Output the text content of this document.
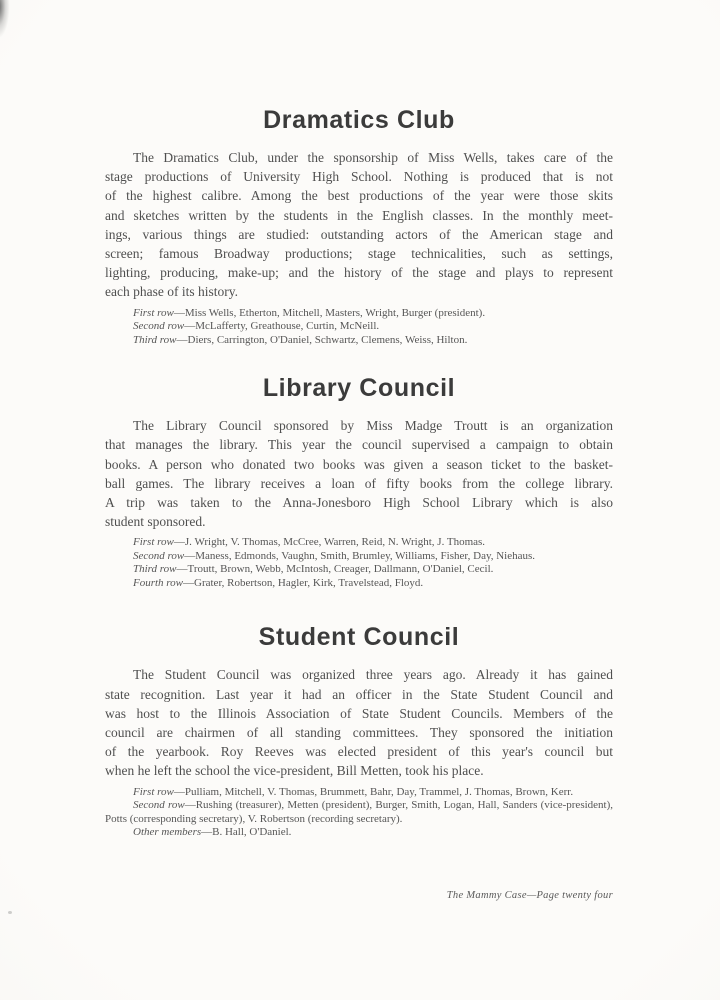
Dramatics Club
The Dramatics Club, under the sponsorship of Miss Wells, takes care of the
stage productions of University High School. Nothing is produced that is not
of the highest calibre. Among the best productions of the year were those skits
and sketches written by the students in the English classes. In the monthly meet-
ings, various things are studied: outstanding actors of the American stage and
screen; famous Broadway productions; stage technicalities, such as settings,
lighting, producing, make-up; and the history of the stage and plays to represent
each phase of its history.
First row—Miss Wells, Etherton, Mitchell, Masters, Wright, Burger (president).
Second row—McLafferty, Greathouse, Curtin, McNeill.
Third row—Diers, Carrington, O'Daniel, Schwartz, Clemens, Weiss, Hilton.
Library Council
The Library Council sponsored by Miss Madge Troutt is an organization
that manages the library. This year the council supervised a campaign to obtain
books. A person who donated two books was given a season ticket to the basket-
ball games. The library receives a loan of fifty books from the college library.
A trip was taken to the Anna-Jonesboro High School Library which is also
student sponsored.
First row—J. Wright, V. Thomas, McCree, Warren, Reid, N. Wright, J. Thomas.
Second row—Maness, Edmonds, Vaughn, Smith, Brumley, Williams, Fisher, Day, Niehaus.
Third row—Troutt, Brown, Webb, McIntosh, Creager, Dallmann, O'Daniel, Cecil.
Fourth row—Grater, Robertson, Hagler, Kirk, Travelstead, Floyd.
Student Council
The Student Council was organized three years ago. Already it has gained
state recognition. Last year it had an officer in the State Student Council and
was host to the Illinois Association of State Student Councils. Members of the
council are chairmen of all standing committees. They sponsored the initiation
of the yearbook. Roy Reeves was elected president of this year's council but
when he left the school the vice-president, Bill Metten, took his place.
First row—Pulliam, Mitchell, V. Thomas, Brummett, Bahr, Day, Trammel, J. Thomas, Brown, Kerr.
Second row—Rushing (treasurer), Metten (president), Burger, Smith, Logan, Hall, Sanders (vice-president), Potts (corresponding secretary), V. Robertson (recording secretary).
Other members—B. Hall, O'Daniel.
The Mammy Case—Page twenty four
